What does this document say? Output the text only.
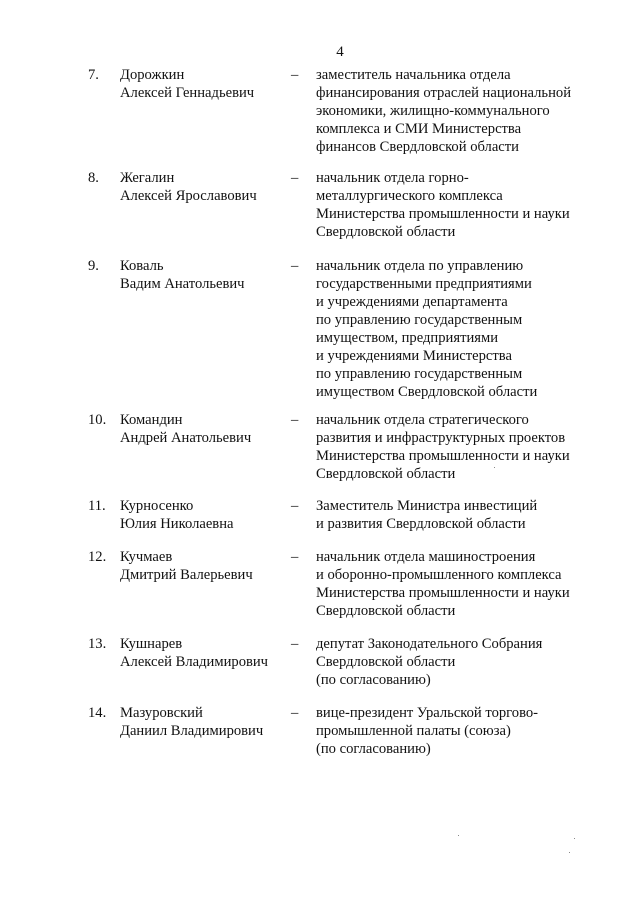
4
7.	Дорожкин
Алексей Геннадьевич
– заместитель начальника отдела
финансирования отраслей национальной
экономики, жилищно-коммунального
комплекса и СМИ Министерства
финансов Свердловской области
8.	Жегалин
Алексей Ярославович
– начальник отдела горно-
металлургического комплекса
Министерства промышленности и науки
Свердловской области
9.	Коваль
Вадим Анатольевич
– начальник отдела по управлению
государственными предприятиями
и учреждениями департамента
по управлению государственным
имуществом, предприятиями
и учреждениями Министерства
по управлению государственным
имуществом Свердловской области
10. Командин
Андрей Анатольевич
– начальник отдела стратегического
развития и инфраструктурных проектов
Министерства промышленности и науки
Свердловской области
11. Курносенко
Юлия Николаевна
– Заместитель Министра инвестиций
и развития Свердловской области
12. Кучмаев
Дмитрий Валерьевич
– начальник отдела машиностроения
и оборонно-промышленного комплекса
Министерства промышленности и науки
Свердловской области
13. Кушнарев
Алексей Владимирович
– депутат Законодательного Собрания
Свердловской области
(по согласованию)
14. Мазуровский
Даниил Владимирович
– вице-президент Уральской торгово-
промышленной палаты (союза)
(по согласованию)
